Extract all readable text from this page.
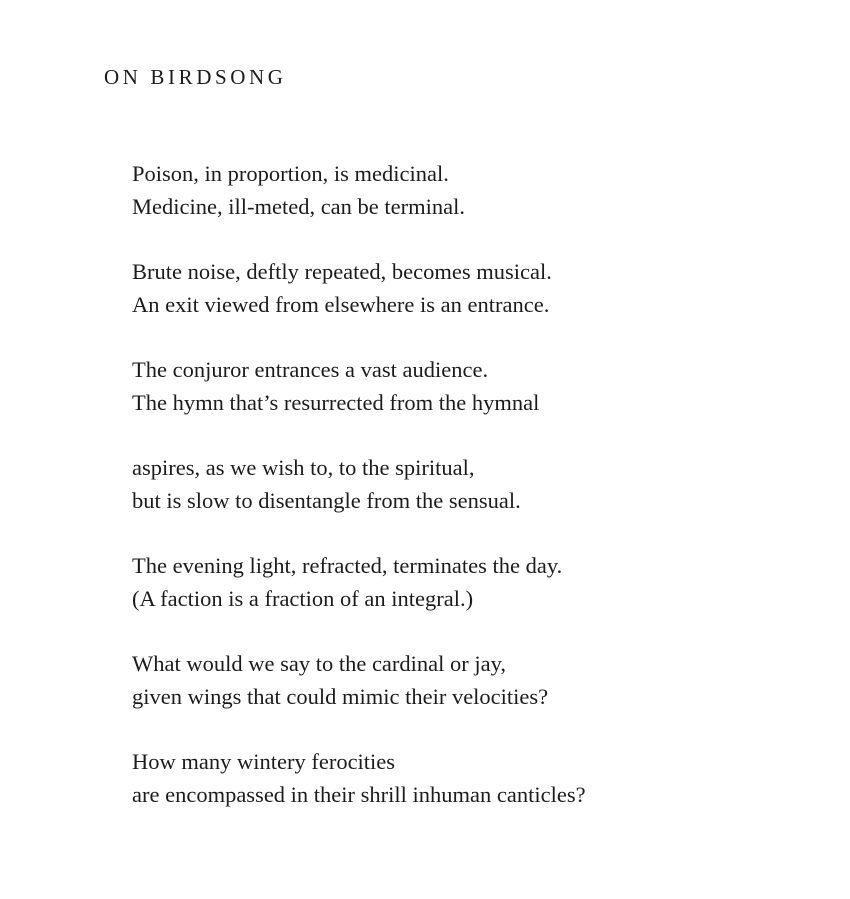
ON BIRDSONG
Poison, in proportion, is medicinal.
Medicine, ill-meted, can be terminal.
Brute noise, deftly repeated, becomes musical.
An exit viewed from elsewhere is an entrance.
The conjuror entrances a vast audience.
The hymn that’s resurrected from the hymnal
aspires, as we wish to, to the spiritual,
but is slow to disentangle from the sensual.
The evening light, refracted, terminates the day.
(A faction is a fraction of an integral.)
What would we say to the cardinal or jay,
given wings that could mimic their velocities?
How many wintery ferocities
are encompassed in their shrill inhuman canticles?
